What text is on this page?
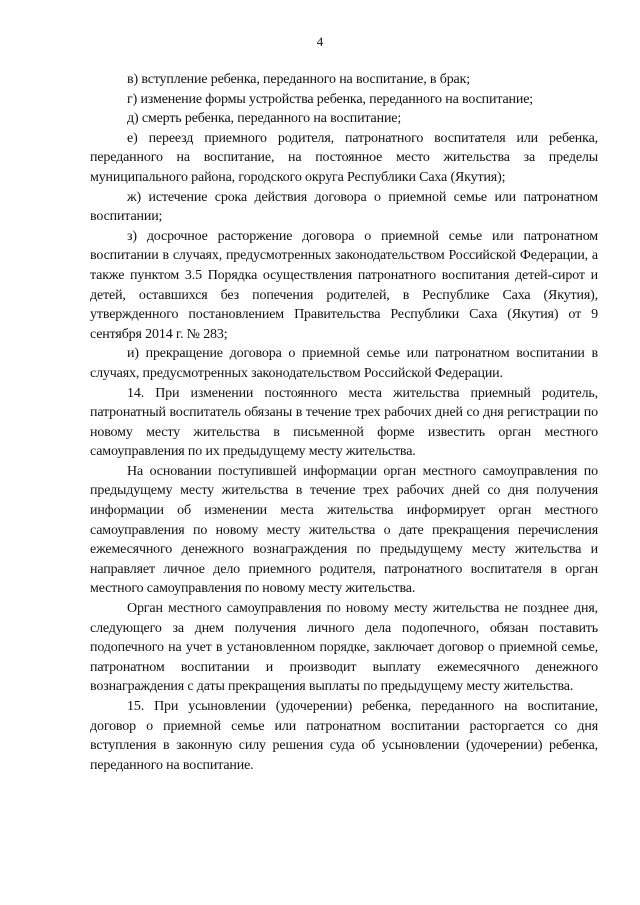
4

в) вступление ребенка, переданного на воспитание, в брак;

г) изменение формы устройства ребенка, переданного на воспитание;

д) смерть ребенка, переданного на воспитание;

е) переезд приемного родителя, патронатного воспитателя или ребенка, переданного на воспитание, на постоянное место жительства за пределы муниципального района, городского округа Республики Саха (Якутия);

ж) истечение срока действия договора о приемной семье или патронатном воспитании;

з) досрочное расторжение договора о приемной семье или патронатном воспитании в случаях, предусмотренных законодательством Российской Федерации, а также пунктом 3.5 Порядка осуществления патронатного воспитания детей-сирот и детей, оставшихся без попечения родителей, в Республике Саха (Якутия), утвержденного постановлением Правительства Республики Саха (Якутия) от 9 сентября 2014 г. № 283;

и) прекращение договора о приемной семье или патронатном воспитании в случаях, предусмотренных законодательством Российской Федерации.

14. При изменении постоянного места жительства приемный родитель, патронатный воспитатель обязаны в течение трех рабочих дней со дня регистрации по новому месту жительства в письменной форме известить орган местного самоуправления по их предыдущему месту жительства.

На основании поступившей информации орган местного самоуправления по предыдущему месту жительства в течение трех рабочих дней со дня получения информации об изменении места жительства информирует орган местного самоуправления по новому месту жительства о дате прекращения перечисления ежемесячного денежного вознаграждения по предыдущему месту жительства и направляет личное дело приемного родителя, патронатного воспитателя в орган местного самоуправления по новому месту жительства.

Орган местного самоуправления по новому месту жительства не позднее дня, следующего за днем получения личного дела подопечного, обязан поставить подопечного на учет в установленном порядке, заключает договор о приемной семье, патронатном воспитании и производит выплату ежемесячного денежного вознаграждения с даты прекращения выплаты по предыдущему месту жительства.

15. При усыновлении (удочерении) ребенка, переданного на воспитание, договор о приемной семье или патронатном воспитании расторгается со дня вступления в законную силу решения суда об усыновлении (удочерении) ребенка, переданного на воспитание.
